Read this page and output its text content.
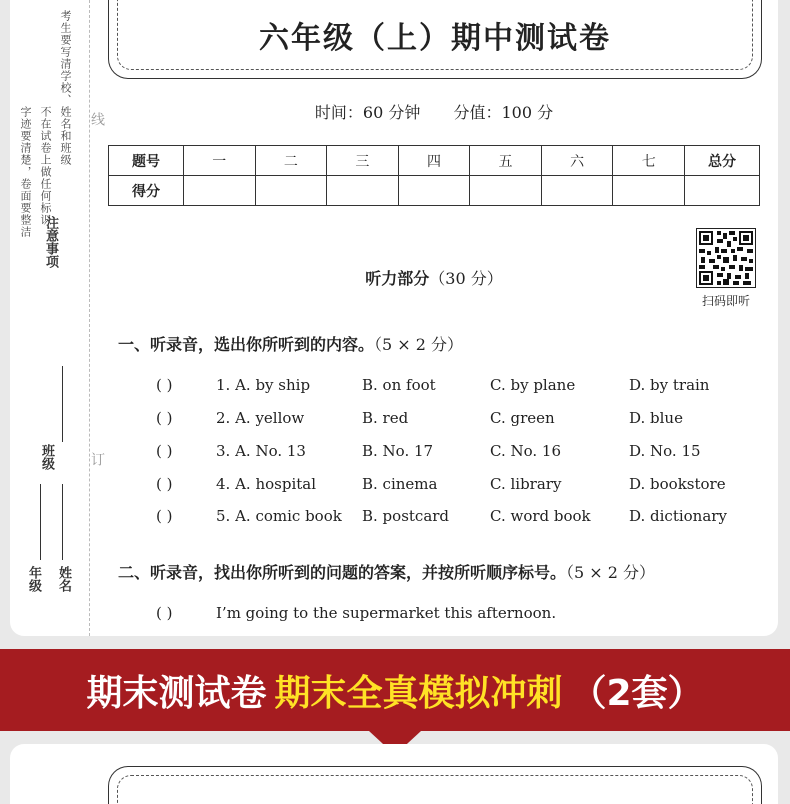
考生要写清学校、姓名和班级
不在试卷上做任何标识
字迹要清楚，卷面要整洁
注意事项
线
班级	订
年级 姓名
六年级（上）期中测试卷
时间：60 分钟 分值：100 分
题号	一	二	三	四	五	六	七	总分
得分								
扫码即听
听力部分（30 分）
一、听录音，选出你所听到的内容。（5 × 2 分）
( )	1. A. by ship	B. on foot	C. by plane	D. by train
( )	2. A. yellow	B. red	C. green	D. blue
( )	3. A. No. 13	B. No. 17	C. No. 16	D. No. 15
( )	4. A. hospital	B. cinema	C. library	D. bookstore
( )	5. A. comic book B. postcard	C. word book	D. dictionary
二、听录音，找出你所听到的问题的答案，并按所听顺序标号。（5 × 2 分）
( )	I’m going to the supermarket this afternoon.
期末测试卷 期末全真模拟冲刺 （2套）
